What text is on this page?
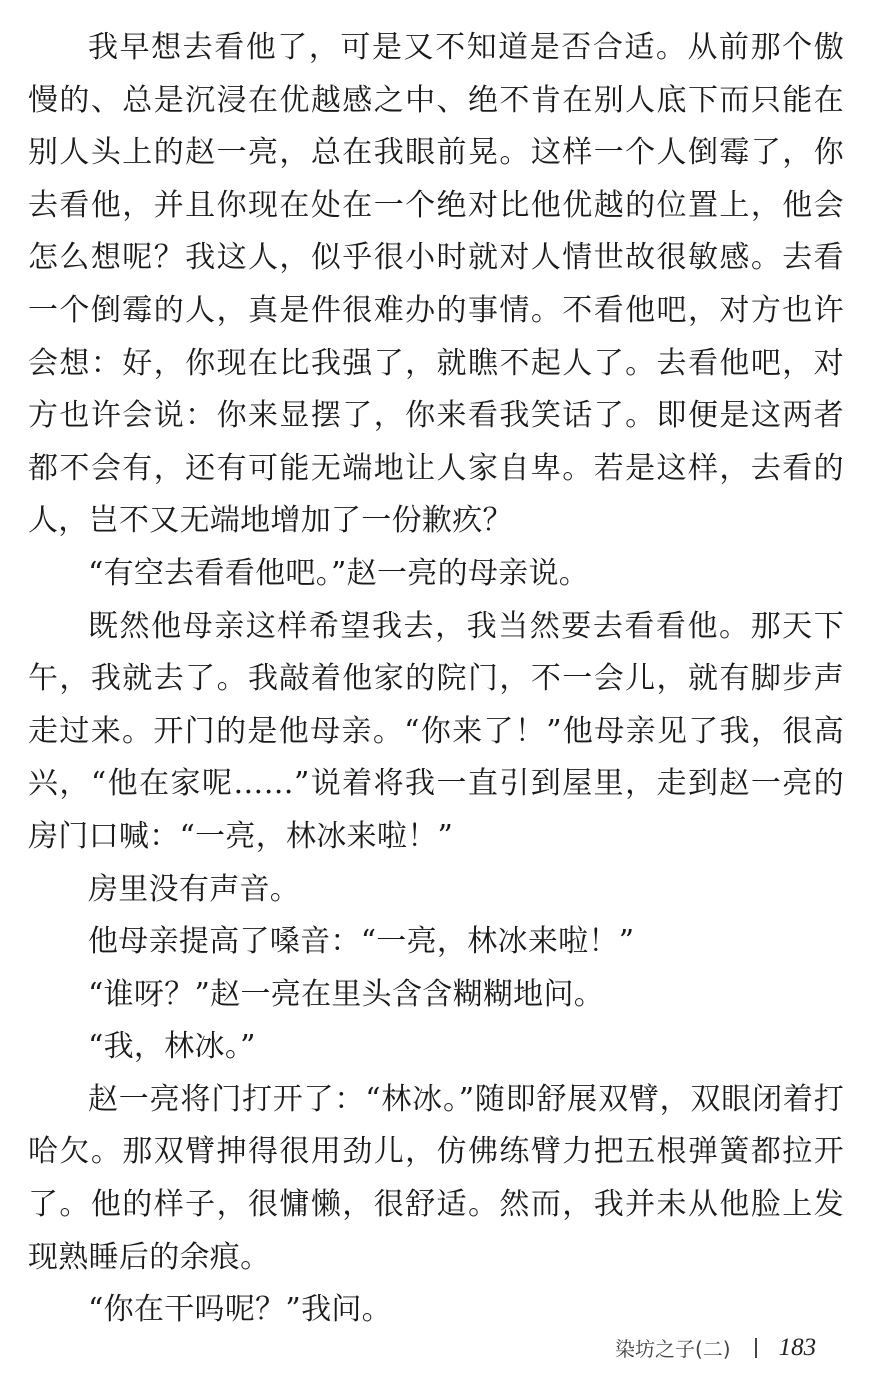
我早想去看他了，可是又不知道是否合适。从前那个傲慢的、总是沉浸在优越感之中、绝不肯在别人底下而只能在别人头上的赵一亮，总在我眼前晃。这样一个人倒霉了，你去看他，并且你现在处在一个绝对比他优越的位置上，他会怎么想呢？我这人，似乎很小时就对人情世故很敏感。去看一个倒霉的人，真是件很难办的事情。不看他吧，对方也许会想：好，你现在比我强了，就瞧不起人了。去看他吧，对方也许会说：你来显摆了，你来看我笑话了。即便是这两者都不会有，还有可能无端地让人家自卑。若是这样，去看的人，岂不又无端地增加了一份歉疚？

“有空去看看他吧。”赵一亮的母亲说。

既然他母亲这样希望我去，我当然要去看看他。那天下午，我就去了。我敲着他家的院门，不一会儿，就有脚步声走过来。开门的是他母亲。“你来了！”他母亲见了我，很高兴，“他在家呢……”说着将我一直引到屋里，走到赵一亮的房门口喊：“一亮，林冰来啦！”

房里没有声音。

他母亲提高了嗓音：“一亮，林冰来啦！”

“谁呀？”赵一亮在里头含含糊糊地问。

“我，林冰。”

赵一亮将门打开了：“林冰。”随即舒展双臂，双眼闭着打哈欠。那双臂抻得很用劲儿，仿佛练臂力把五根弹簧都拉开了。他的样子，很慵懒，很舒适。然而，我并未从他脸上发现熟睡后的余痕。

“你在干吗呢？”我问。

染坊之子(二) 183
